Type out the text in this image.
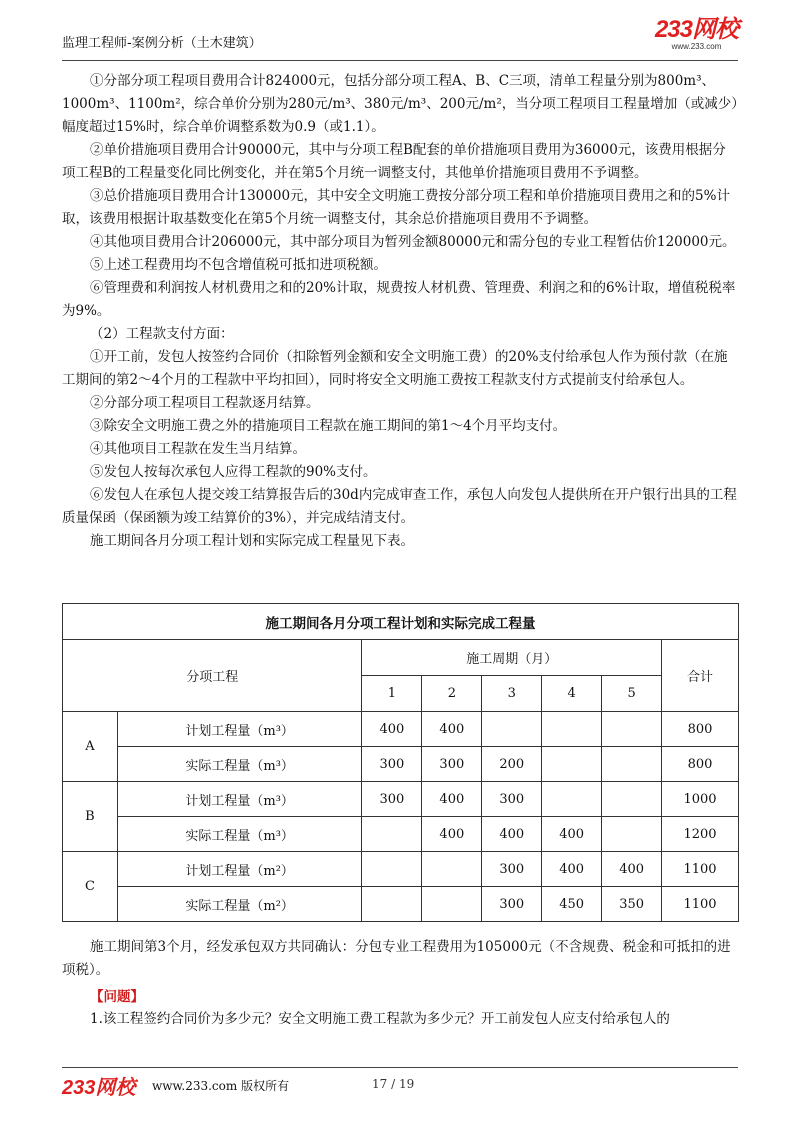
监理工程师-案例分析（土木建筑）
233网校
www.233.com

①分部分项工程项目费用合计824000元，包括分部分项工程A、B、C三项，清单工程量分别为800m³、1000m³、1100m²，综合单价分别为280元/m³、380元/m³、200元/m²，当分项工程项目工程量增加（或减少）幅度超过15%时，综合单价调整系数为0.9（或1.1）。

②单价措施项目费用合计90000元，其中与分项工程B配套的单价措施项目费用为36000元，该费用根据分项工程B的工程量变化同比例变化，并在第5个月统一调整支付，其他单价措施项目费用不予调整。

③总价措施项目费用合计130000元，其中安全文明施工费按分部分项工程和单价措施项目费用之和的5%计取，该费用根据计取基数变化在第5个月统一调整支付，其余总价措施项目费用不予调整。

④其他项目费用合计206000元，其中部分项目为暂列金额80000元和需分包的专业工程暂估价120000元。

⑤上述工程费用均不包含增值税可抵扣进项税额。

⑥管理费和利润按人材机费用之和的20%计取，规费按人材机费、管理费、利润之和的6%计取，增值税税率为9%。

（2）工程款支付方面：

①开工前，发包人按签约合同价（扣除暂列金额和安全文明施工费）的20%支付给承包人作为预付款（在施工期间的第2～4个月的工程款中平均扣回），同时将安全文明施工费按工程款支付方式提前支付给承包人。

②分部分项工程项目工程款逐月结算。

③除安全文明施工费之外的措施项目工程款在施工期间的第1～4个月平均支付。

④其他项目工程款在发生当月结算。

⑤发包人按每次承包人应得工程款的90%支付。

⑥发包人在承包人提交竣工结算报告后的30d内完成审查工作，承包人向发包人提供所在开户银行出具的工程质量保函（保函额为竣工结算价的3%），并完成结清支付。

施工期间各月分项工程计划和实际完成工程量见下表。

施工期间各月分项工程计划和实际完成工程量							
分项工程		施工周期（月）					合计
		1	2	3	4	5	
A	计划工程量（m³）	400	400				800
	实际工程量（m³）	300	300	200			800
B	计划工程量（m³）	300	400	300			1000
	实际工程量（m³）		400	400	400		1200
C	计划工程量（m²）			300	400	400	1100
	实际工程量（m²）			300	450	350	1100

施工期间第3个月，经发承包双方共同确认：分包专业工程费用为105000元（不含规费、税金和可抵扣的进项税）。

【问题】
1.该工程签约合同价为多少元？安全文明施工费工程款为多少元？开工前发包人应支付给承包人的
233网校 www.233.com 版权所有	17 / 19
